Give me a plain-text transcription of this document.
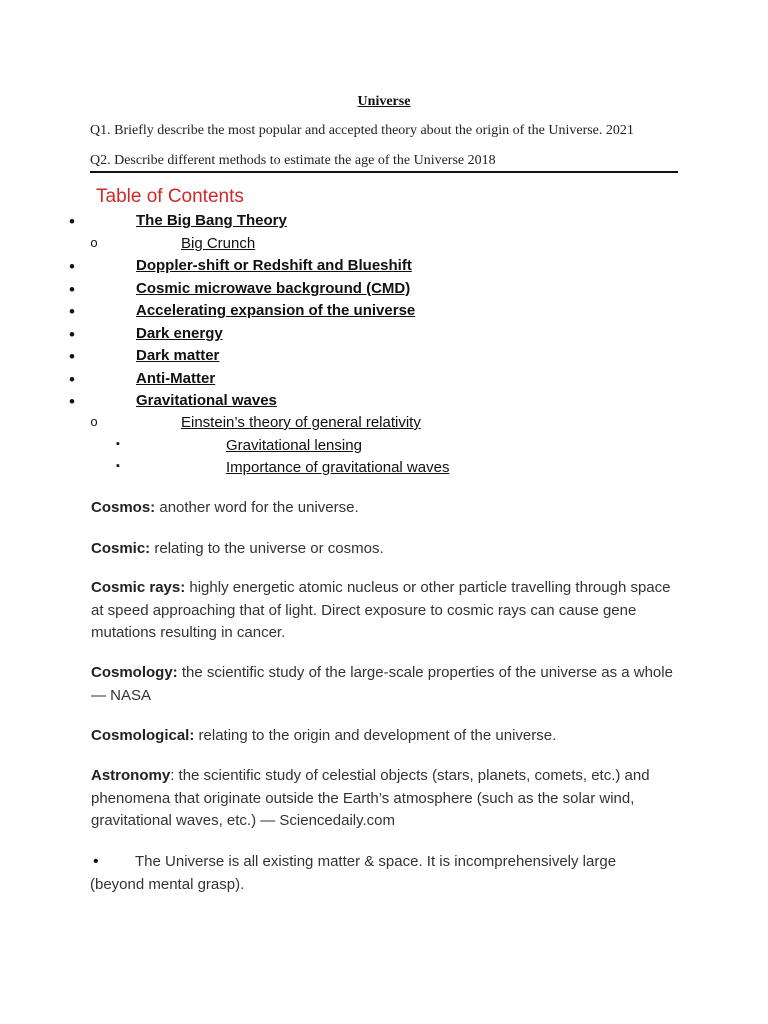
Universe
Q1. Briefly describe the most popular and accepted theory about the origin of the Universe. 2021
Q2. Describe different methods to estimate the age of the Universe 2018
Table of Contents
•	The Big Bang Theory
o	Big Crunch
•	Doppler-shift or Redshift and Blueshift
•	Cosmic microwave background (CMD)
•	Accelerating expansion of the universe
•	Dark energy
•	Dark matter
•	Anti-Matter
•	Gravitational waves
o	Einstein’s theory of general relativity
▪	Gravitational lensing
▪	Importance of gravitational waves
Cosmos: another word for the universe.
Cosmic: relating to the universe or cosmos.
Cosmic rays: highly energetic atomic nucleus or other particle travelling through space at speed approaching that of light. Direct exposure to cosmic rays can cause gene mutations resulting in cancer.
Cosmology: the scientific study of the large-scale properties of the universe as a whole — NASA
Cosmological: relating to the origin and development of the universe.
Astronomy: the scientific study of celestial objects (stars, planets, comets, etc.) and phenomena that originate outside the Earth’s atmosphere (such as the solar wind, gravitational waves, etc.) — Sciencedaily.com
•	The Universe is all existing matter & space. It is incomprehensively large (beyond mental grasp).
